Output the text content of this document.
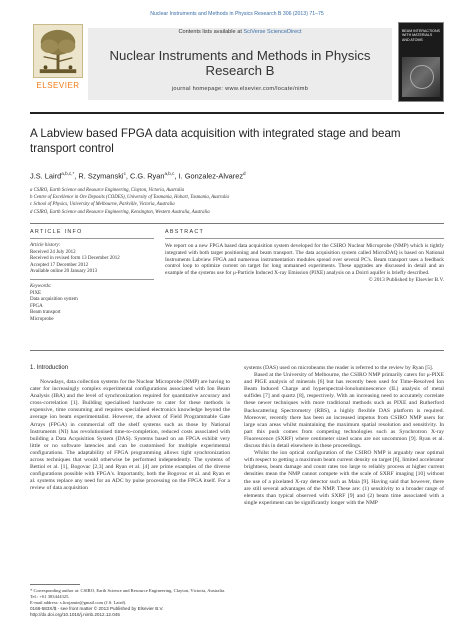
Nuclear Instruments and Methods in Physics Research B 306 (2013) 71–75
ELSEVIER
Contents lists available at SciVerse ScienceDirect
Nuclear Instruments and Methods in Physics Research B
journal homepage: www.elsevier.com/locate/nimb
BEAM INTERACTIONS WITH MATERIALS AND ATOMS
A Labview based FPGA data acquisition with integrated stage and beam transport control
J.S. Laird$^{a,b,c,*}$, R. Szymanski$^c$, C.G. Ryan$^{a,b,c}$, I. Gonzalez-Alvarez$^d$
a CSIRO, Earth Science and Resource Engineering, Clayton, Victoria, Australia
b Centre of Excellence in Ore Deposits (CODES), University of Tasmania, Hobart, Tasmania, Australia
c School of Physics, University of Melbourne, Parkville, Victoria, Australia
d CSIRO, Earth Science and Resource Engineering, Kensington, Western Australia, Australia
ARTICLE INFO
Article history:
Received 24 July 2012
Received in revised form 13 December 2012
Accepted 17 December 2012
Available online 20 January 2013
Keywords:
PIXE
Data acquisition system
FPGA
Beam transport
Microprobe
ABSTRACT
We report on a new FPGA based data acquisition system developed for the CSIRO Nuclear Microprobe (NMP) which is tightly integrated with both target positioning and beam transport. The data acquisition system called MicroDAQ is based on National Instruments Labview FPGA and numerous instrumentation modules spread over several PC's. Beam transport uses a feedback control loop to optimize current on target for long unmanned experiments. These upgrades are discussed in detail and an example of the systems use for μ-Particle Induced X-ray Emission (PIXE) analysis on a Doirri aquifer is briefly described.
© 2013 Published by Elsevier B.V.
1. Introduction

Nowadays, data collection systems for the Nuclear Microprobe (NMP) are having to cater for increasingly complex experimental configurations associated with Ion Beam Analysis (IBA) and the level of synchronization required for quantitative accuracy and cross-correlation [1]. Building specialised hardware to cater for these methods is expensive, time consuming and requires specialised electronics knowledge beyond the average ion beam experimentalist. However, the advent of Field Programmable Gate Arrays (FPGA) in commercial off the shelf systems such as those by National Instruments (NI) has revolutionised time-to-completion, reduced costs associated with building a Data Acquisition System (DAS). Systems based on an FPGA exhibit very little or no software latencies and can be customised for multiple experimental configurations. The adaptability of FPGA programming allows tight synchronization across techniques that would otherwise be performed independently. The systems of Bettiol et al. [1], Bogovac [2,3] and Ryan et al. [4] are prime examples of the diverse configurations possible with FPGA's. Importantly, both the Bogovac et al. and Ryan et al. systems replace any need for an ADC by pulse processing on the FPGA itself. For a review of data acquisition

systems (DAS) used on microbeams the reader is referred to the review by Ryan [5].

Based at the University of Melbourne, the CSIRO NMP primarily caters for μ-PIXE and PIGE analysis of minerals [6] but has recently been used for Time-Resolved Ion Beam Induced Charge and hyperspectral-Ionoluminescence (IL) analysis of metal sulfides [7] and quartz [8], respectively. With an increasing need to accurately correlate these newer techniques with more traditional methods such as PIXE and Rutherford Backscattering Spectrometry (RBS), a highly flexible DAS platform is required. Moreover, recently there has been an increased impetus from CSIRO NMP users for large scan areas whilst maintaining the maximum spatial resolution and sensitivity. In part this push comes from competing technologies such as Synchrotron X-ray Fluorescence (SXRF) where centimeter sized scans are not uncommon [9]. Ryan et al. discuss this in detail elsewhere in these proceedings.

Whilst the ion optical configuration of the CSIRO NMP is arguably near optimal with respect to getting a maximum beam current density on target [6], limited accelerator brightness, beam damage and count rates too large to reliably process at higher current densities mean the NMP cannot compete with the scale of SXRF imaging [10] without the use of a pixelated X-ray detector such as Maia [9]. Having said that however, there are still several advantages of the NMP. These are: (1) sensitivity to a broader range of elements than typical observed with SXRF [9] and (2) beam time associated with a single experiment can be significantly longer with the NMP

* Corresponding author at: CSIRO, Earth Science and Resource Engineering, Clayton, Victoria, Australia. Tel.: +61 383444325.
E-mail address: s.lirojamie@gmail.com (J.S. Laird).
0168-583X/$ - see front matter © 2013 Published by Elsevier B.V.
http://dx.doi.org/10.1016/j.nimb.2012.12.045
